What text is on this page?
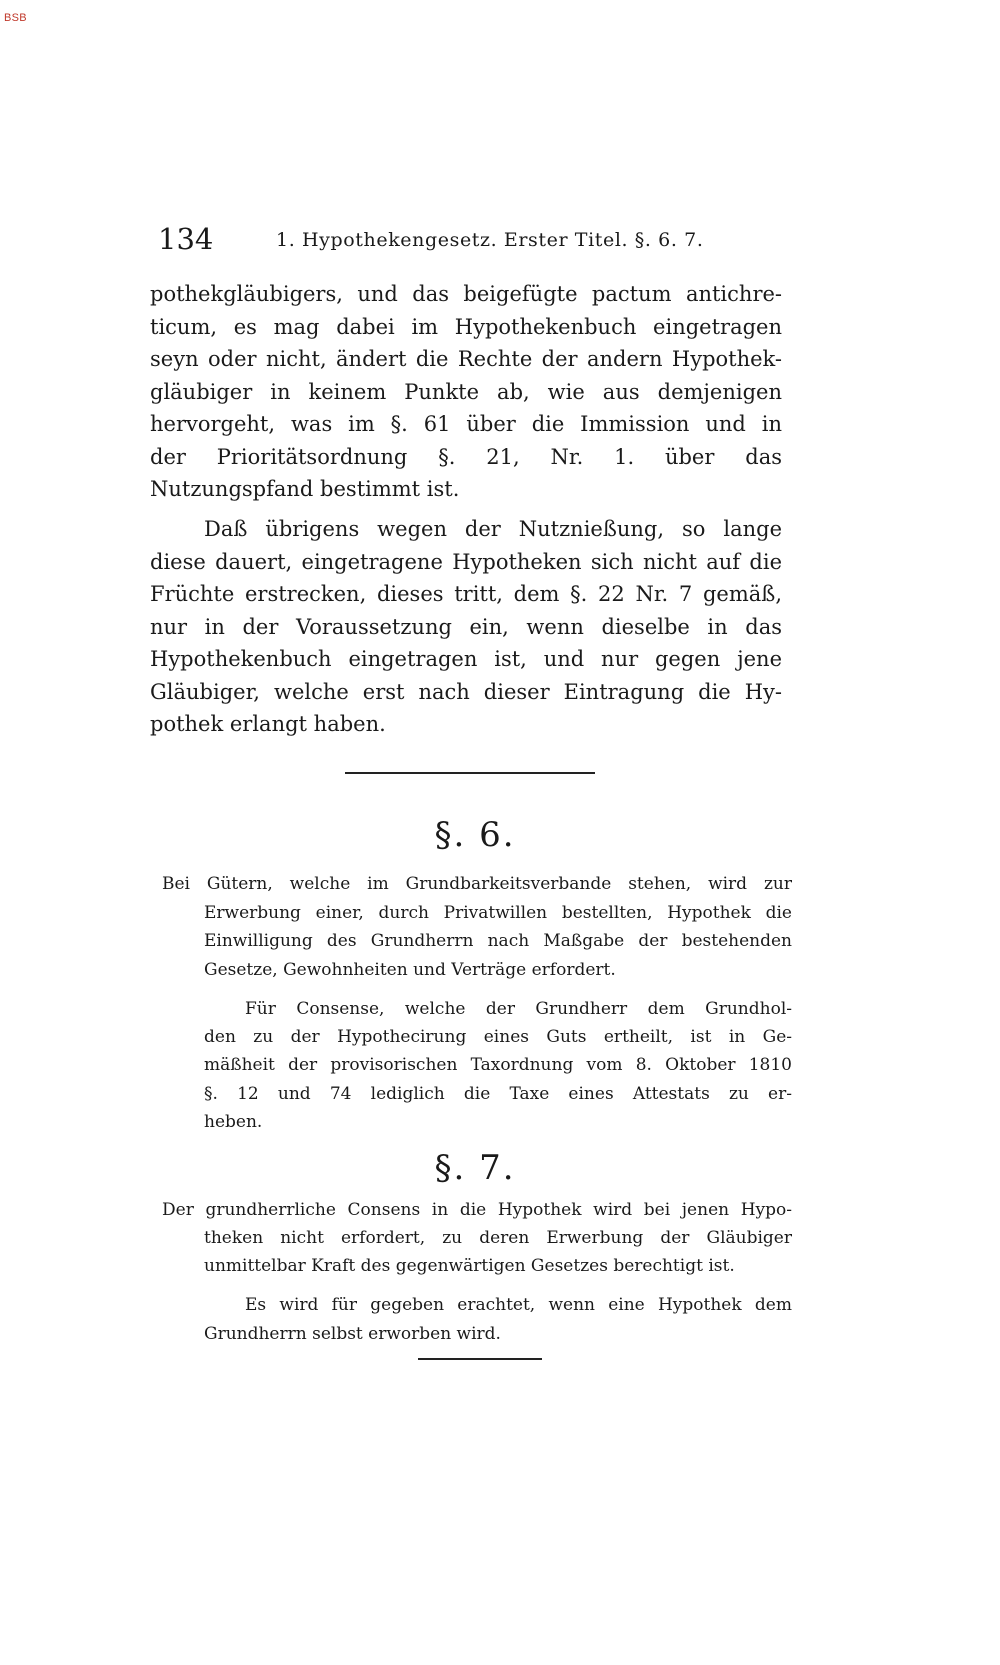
BSB
134	1. Hypothekengesetz. Erster Titel. §. 6. 7.

pothekgläubigers, und das beigefügte pactum antichre-

ticum, es mag dabei im Hypothekenbuch eingetragen

seyn oder nicht, ändert die Rechte der andern Hypothek-

gläubiger in keinem Punkte ab, wie aus demjenigen

hervorgeht, was im §. 61 über die Immission und in

der Prioritätsordnung §. 21, Nr. 1. über das

Nutzungspfand bestimmt ist.

Daß übrigens wegen der Nutznießung, so lange

diese dauert, eingetragene Hypotheken sich nicht auf die

Früchte erstrecken, dieses tritt, dem §. 22 Nr. 7 gemäß,

nur in der Voraussetzung ein, wenn dieselbe in das

Hypothekenbuch eingetragen ist, und nur gegen jene

Gläubiger, welche erst nach dieser Eintragung die Hy-

pothek erlangt haben.

§. 6.

Bei Gütern, welche im Grundbarkeitsverbande stehen, wird zur

Erwerbung einer, durch Privatwillen bestellten, Hypothek die

Einwilligung des Grundherrn nach Maßgabe der bestehenden

Gesetze, Gewohnheiten und Verträge erfordert.

Für Consense, welche der Grundherr dem Grundhol-

den zu der Hypothecirung eines Guts ertheilt, ist in Ge-

mäßheit der provisorischen Taxordnung vom 8. Oktober 1810

§. 12 und 74 lediglich die Taxe eines Attestats zu er-

heben.

§. 7.

Der grundherrliche Consens in die Hypothek wird bei jenen Hypo-

theken nicht erfordert, zu deren Erwerbung der Gläubiger

unmittelbar Kraft des gegenwärtigen Gesetzes berechtigt ist.

Es wird für gegeben erachtet, wenn eine Hypothek dem

Grundherrn selbst erworben wird.
